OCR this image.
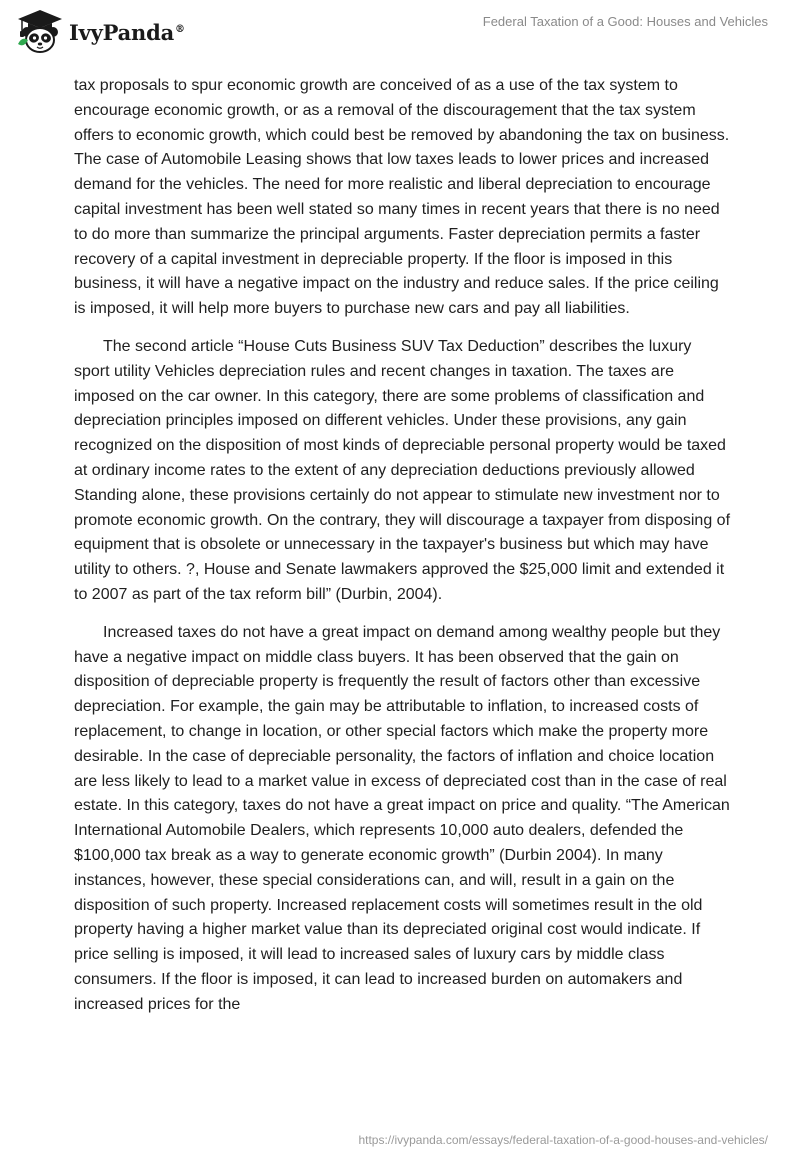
IvyPanda®	Federal Taxation of a Good: Houses and Vehicles

tax proposals to spur economic growth are conceived of as a use of the tax system to encourage economic growth, or as a removal of the discouragement that the tax system offers to economic growth, which could best be removed by abandoning the tax on business. The case of Automobile Leasing shows that low taxes leads to lower prices and increased demand for the vehicles. The need for more realistic and liberal depreciation to encourage capital investment has been well stated so many times in recent years that there is no need to do more than summarize the principal arguments. Faster depreciation permits a faster recovery of a capital investment in depreciable property. If the floor is imposed in this business, it will have a negative impact on the industry and reduce sales. If the price ceiling is imposed, it will help more buyers to purchase new cars and pay all liabilities.

The second article “House Cuts Business SUV Tax Deduction” describes the luxury sport utility Vehicles depreciation rules and recent changes in taxation. The taxes are imposed on the car owner. In this category, there are some problems of classification and depreciation principles imposed on different vehicles. Under these provisions, any gain recognized on the disposition of most kinds of depreciable personal property would be taxed at ordinary income rates to the extent of any depreciation deductions previously allowed Standing alone, these provisions certainly do not appear to stimulate new investment nor to promote economic growth. On the contrary, they will discourage a taxpayer from disposing of equipment that is obsolete or unnecessary in the taxpayer's business but which may have utility to others. ?, House and Senate lawmakers approved the $25,000 limit and extended it to 2007 as part of the tax reform bill” (Durbin, 2004).

Increased taxes do not have a great impact on demand among wealthy people but they have a negative impact on middle class buyers. It has been observed that the gain on disposition of depreciable property is frequently the result of factors other than excessive depreciation. For example, the gain may be attributable to inflation, to increased costs of replacement, to change in location, or other special factors which make the property more desirable. In the case of depreciable personality, the factors of inflation and choice location are less likely to lead to a market value in excess of depreciated cost than in the case of real estate. In this category, taxes do not have a great impact on price and quality. “The American International Automobile Dealers, which represents 10,000 auto dealers, defended the $100,000 tax break as a way to generate economic growth” (Durbin 2004). In many instances, however, these special considerations can, and will, result in a gain on the disposition of such property. Increased replacement costs will sometimes result in the old property having a higher market value than its depreciated original cost would indicate. If price selling is imposed, it will lead to increased sales of luxury cars by middle class consumers. If the floor is imposed, it can lead to increased burden on automakers and increased prices for the

https://ivypanda.com/essays/federal-taxation-of-a-good-houses-and-vehicles/
